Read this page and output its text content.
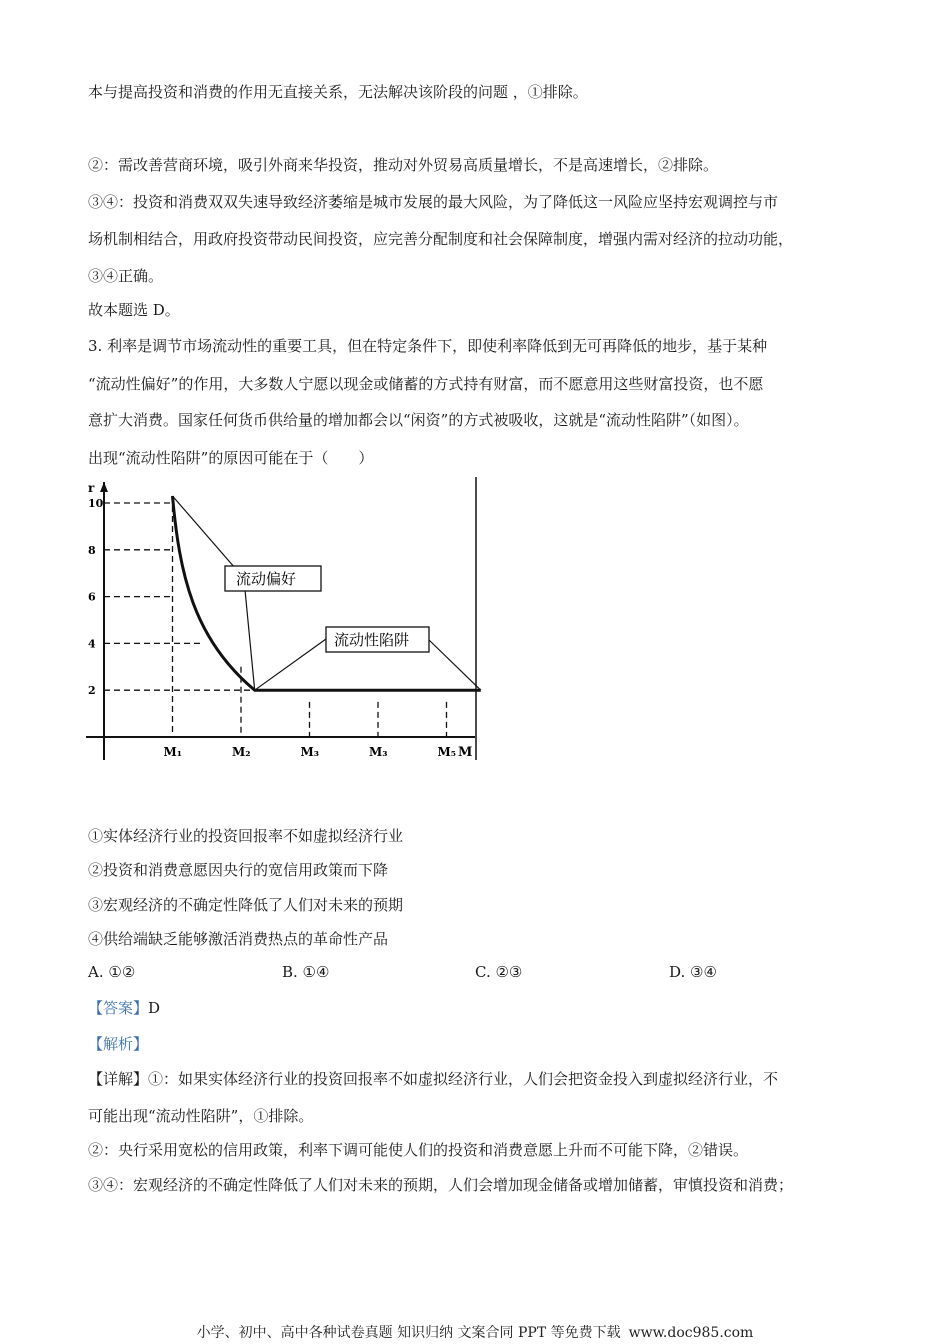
本与提高投资和消费的作用无直接关系，无法解决该阶段的问题 ，①排除。
②：需改善营商环境，吸引外商来华投资，推动对外贸易高质量增长，不是高速增长，②排除。
③④：投资和消费双双失速导致经济萎缩是城市发展的最大风险，为了降低这一风险应坚持宏观调控与市
场机制相结合，用政府投资带动民间投资，应完善分配制度和社会保障制度，增强内需对经济的拉动功能，
③④正确。
故本题选 D。
3. 利率是调节市场流动性的重要工具，但在特定条件下，即使利率降低到无可再降低的地步，基于某种
“流动性偏好”的作用，大多数人宁愿以现金或储蓄的方式持有财富，而不愿意用这些财富投资，也不愿
意扩大消费。国家任何货币供给量的增加都会以“闲资”的方式被吸收，这就是“流动性陷阱”（如图）。
出现“流动性陷阱”的原因可能在于（　　）
r
M
流动偏好
流动性陷阱
10
8
6
4
2
M₁	M₂	M₃	M₃	M₅
①实体经济行业的投资回报率不如虚拟经济行业
②投资和消费意愿因央行的宽信用政策而下降
③宏观经济的不确定性降低了人们对未来的预期
④供给端缺乏能够激活消费热点的革命性产品
A. ①②	B. ①④	C. ②③	D. ③④
【答案】D
【解析】
【详解】①：如果实体经济行业的投资回报率不如虚拟经济行业，人们会把资金投入到虚拟经济行业，不
可能出现“流动性陷阱”，①排除。
②：央行采用宽松的信用政策，利率下调可能使人们的投资和消费意愿上升而不可能下降，②错误。
③④：宏观经济的不确定性降低了人们对未来的预期，人们会增加现金储备或增加储蓄，审慎投资和消费；
小学、初中、高中各种试卷真题 知识归纳 文案合同 PPT 等免费下载 www.doc985.com
